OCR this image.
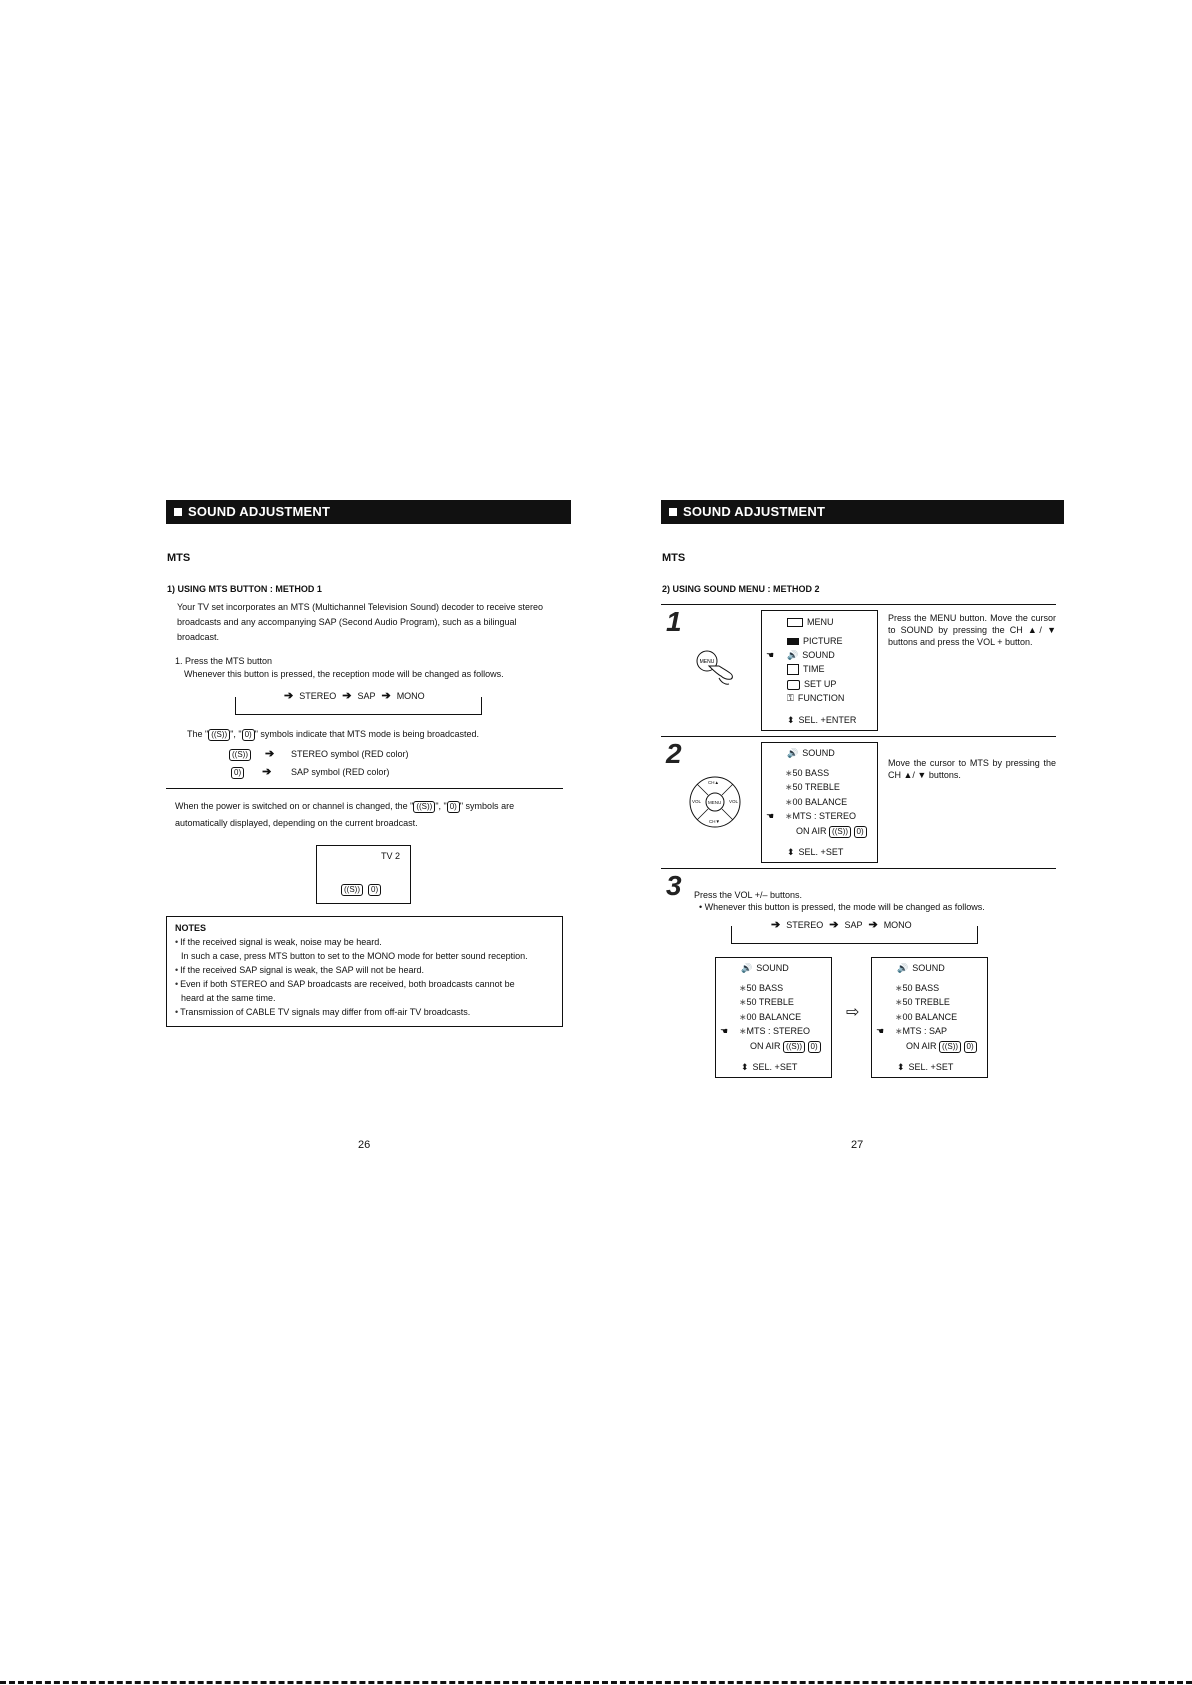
SOUND ADJUSTMENT
MTS
1) USING MTS BUTTON : METHOD 1
Your TV set incorporates an MTS (Multichannel Television Sound) decoder to receive stereo
broadcasts and any accompanying SAP (Second Audio Program), such as a bilingual
broadcast.
1. Press the MTS button
Whenever this button is pressed, the reception mode will be changed as follows.
➔ STEREO ➔ SAP ➔ MONO
The " ((S)) ", " 0) " symbols indicate that MTS mode is being broadcasted.
((S)) ➔	STEREO symbol (RED color)
0) ➔	SAP symbol (RED color)
When the power is switched on or channel is changed, the " ((S)) ", " 0) " symbols are
automatically displayed, depending on the current broadcast.
TV 2
((S)) 0)
NOTES
• If the received signal is weak, noise may be heard.
In such a case, press MTS button to set to the MONO mode for better sound reception.
• If the received SAP signal is weak, the SAP will not be heard.
• Even if both STEREO and SAP broadcasts are received, both broadcasts cannot be
heard at the same time.
• Transmission of CABLE TV signals may differ from off-air TV broadcasts.
26
SOUND ADJUSTMENT
MTS
2) USING SOUND MENU : METHOD 2
1
MENU
MENU
PICTURE
☚ 🔊 SOUND
TIME
SET UP
⚿ FUNCTION
⬍ SEL. +ENTER
Press the MENU button. Move the cursor to SOUND by pressing the CH ▲/ ▼ buttons and press the VOL + button.
2
CH▲
VOL MENU VOL
CH▼
🔊 SOUND
∗50 BASS
∗50 TREBLE
∗00 BALANCE
☚ ∗MTS : STEREO
ON AIR ((S)) 0)
⬍ SEL. +SET
Move the cursor to MTS by pressing the CH ▲/ ▼ buttons.
3 Press the VOL +/– buttons.
• Whenever this button is pressed, the mode will be changed as follows.
➔ STEREO ➔ SAP ➔ MONO
🔊 SOUND
∗50 BASS
∗50 TREBLE
∗00 BALANCE
☚ ∗MTS : STEREO
ON AIR ((S)) 0)
⬍ SEL. +SET
⇨
🔊 SOUND
∗50 BASS
∗50 TREBLE
∗00 BALANCE
☚ ∗MTS : SAP
ON AIR ((S)) 0)
⬍ SEL. +SET
27
